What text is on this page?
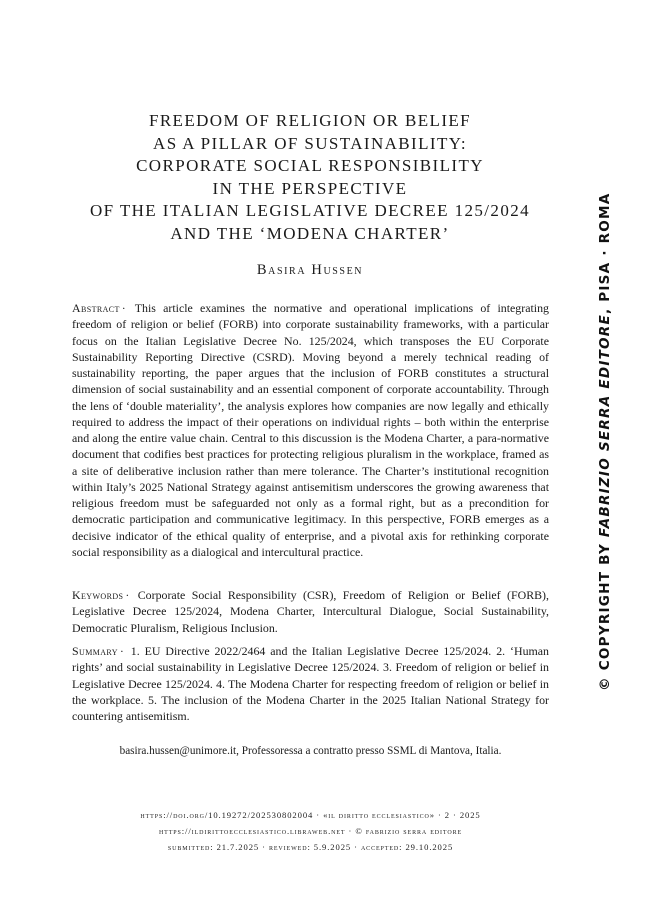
FREEDOM OF RELIGION OR BELIEF
AS A PILLAR OF SUSTAINABILITY:
CORPORATE SOCIAL RESPONSIBILITY
IN THE PERSPECTIVE
OF THE ITALIAN LEGISLATIVE DECREE 125/2024
AND THE ‘MODENA CHARTER’
Basira Hussen

Abstract · This article examines the normative and operational implications of integrating freedom of religion or belief (FORB) into corporate sustainability frameworks, with a particular focus on the Italian Legislative Decree No. 125/2024, which transposes the EU Corporate Sustainability Reporting Directive (CSRD). Moving beyond a merely technical reading of sustainability reporting, the paper argues that the inclusion of FORB constitutes a structural dimension of social sustainability and an essential component of corporate accountability. Through the lens of ‘double materiality’, the analysis explores how companies are now legally and ethically required to address the impact of their operations on individual rights – both within the enterprise and along the entire value chain. Central to this discussion is the Modena Charter, a para-normative document that codifies best practices for protecting religious pluralism in the workplace, framed as a site of deliberative inclusion rather than mere tolerance. The Charter’s institutional recognition within Italy’s 2025 National Strategy against antisemitism underscores the growing awareness that religious freedom must be safeguarded not only as a formal right, but as a precondition for democratic participation and communicative legitimacy. In this perspective, FORB emerges as a decisive indicator of the ethical quality of enterprise, and a pivotal axis for rethinking corporate social responsibility as a dialogical and intercultural practice.

Keywords · Corporate Social Responsibility (CSR), Freedom of Religion or Belief (FORB), Legislative Decree 125/2024, Modena Charter, Intercultural Dialogue, Social Sustainability, Democratic Pluralism, Religious Inclusion.

Summary · 1. EU Directive 2022/2464 and the Italian Legislative Decree 125/2024. 2. ‘Human rights’ and social sustainability in Legislative Decree 125/2024. 3. Freedom of religion or belief in Legislative Decree 125/2024. 4. The Modena Charter for respecting freedom of religion or belief in the workplace. 5. The inclusion of the Modena Charter in the 2025 Italian National Strategy for countering antisemitism.

basira.hussen@unimore.it, Professoressa a contratto presso SSML di Mantova, Italia.
https://doi.org/10.19272/202530802004 · «il diritto ecclesiastico» · 2 · 2025
https://ildirittoecclesiastico.libraweb.net · © fabrizio serra editore
submitted: 21.7.2025 · reviewed: 5.9.2025 · accepted: 29.10.2025
© COPYRIGHT BY FABRIZIO SERRA EDITORE, PISA · ROMA
